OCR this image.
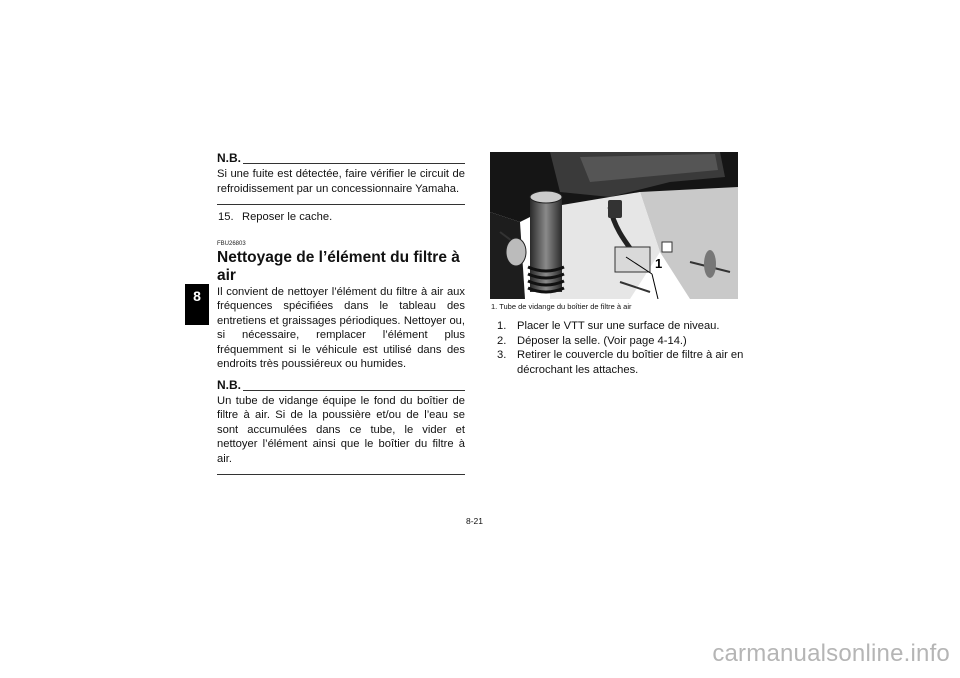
8
N.B.

Si une fuite est détectée, faire vérifier le circuit de refroidissement par un concessionnaire Yamaha.

15. Reposer le cache.
FBU26803
Nettoyage de l’élément du filtre à air

Il convient de nettoyer l’élément du filtre à air aux fréquences spécifiées dans le tableau des entretiens et graissages périodiques. Nettoyer ou, si nécessaire, remplacer l’élément plus fréquemment si le véhicule est utilisé dans des endroits très poussiéreux ou humides.

N.B.

Un tube de vidange équipe le fond du boîtier de filtre à air. Si de la poussière et/ou de l’eau se sont accumulées dans ce tube, le vider et nettoyer l’élément ainsi que le boîtier du filtre à air.

1
1. Tube de vidange du boîtier de filtre à air
1. Placer le VTT sur une surface de niveau.
2. Déposer la selle. (Voir page 4-14.)
3. Retirer le couvercle du boîtier de filtre à air en décrochant les attaches.
8-21
carmanualsonline.info
